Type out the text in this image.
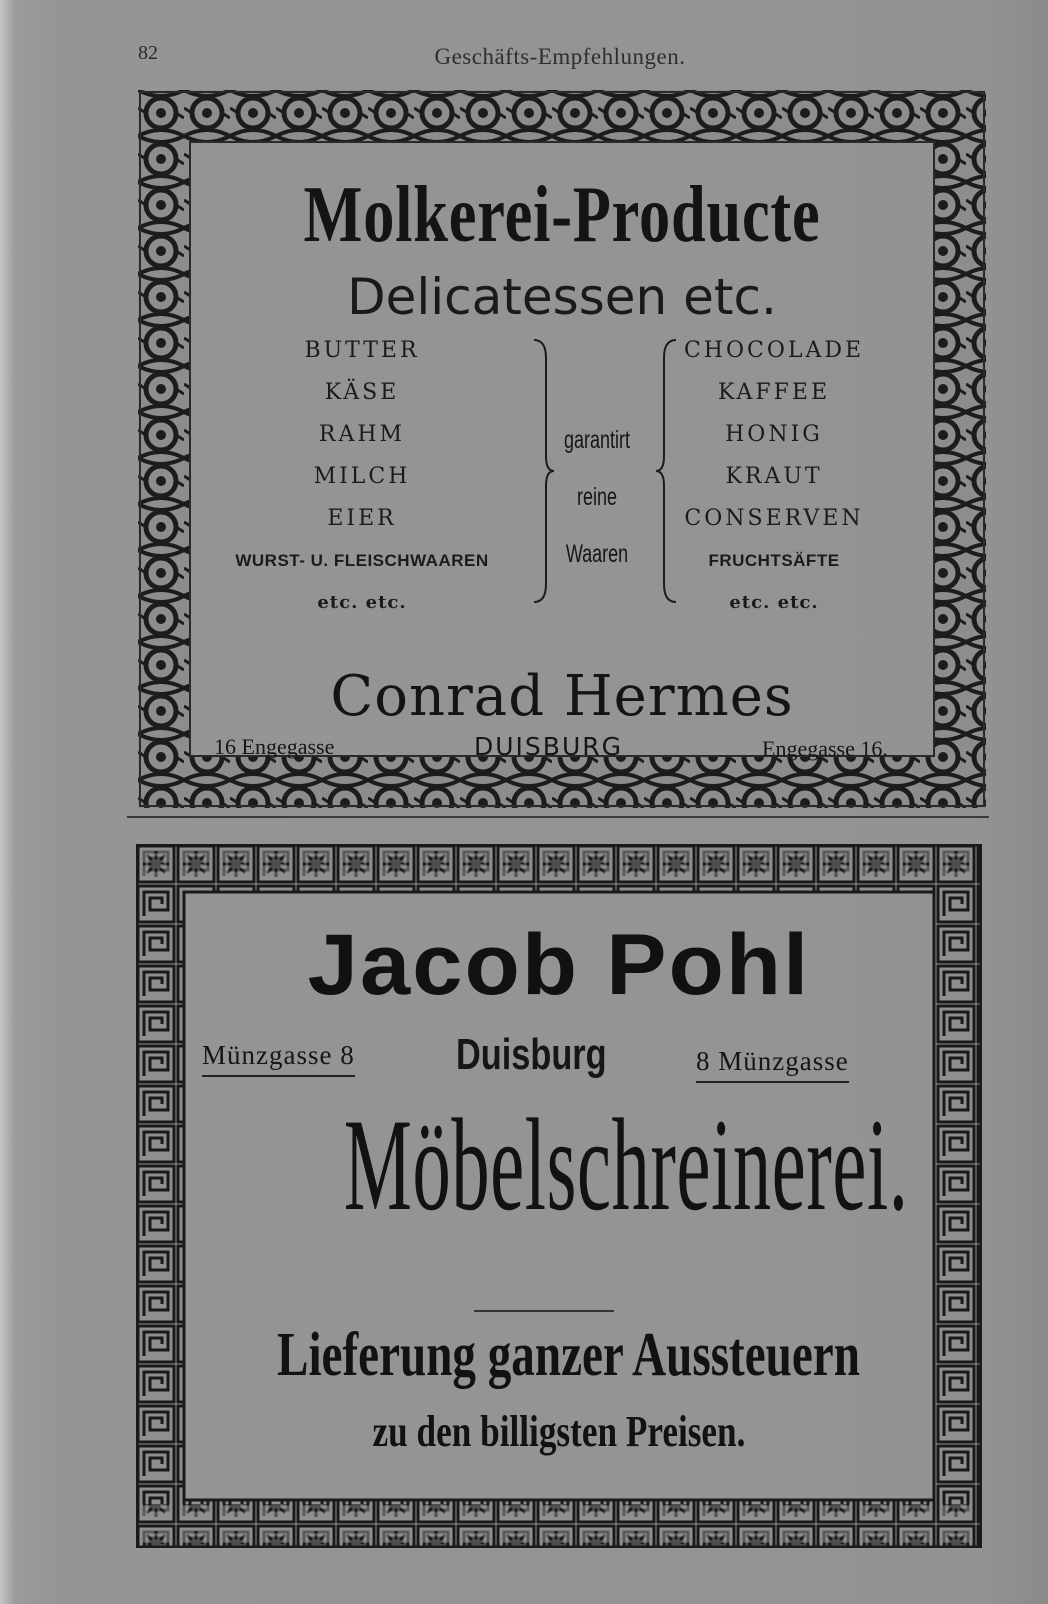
82	Geschäfts-Empfehlungen.
Molkerei-Producte
Delicatessen etc.
BUTTER
KÄSE
RAHM
MILCH
EIER
WURST- U. FLEISCHWAAREN
etc. etc.
garantirt
reine
Waaren
CHOCOLADE
KAFFEE
HONIG
KRAUT
CONSERVEN
FRUCHTSÄFTE
etc. etc.
Conrad Hermes
16 Engegasse	DUISBURG	Engegasse 16.
Jacob Pohl
Münzgasse 8 Duisburg	8 Münzgasse
Möbelschreinerei.
Lieferung ganzer Aussteuern
zu den billigsten Preisen.
